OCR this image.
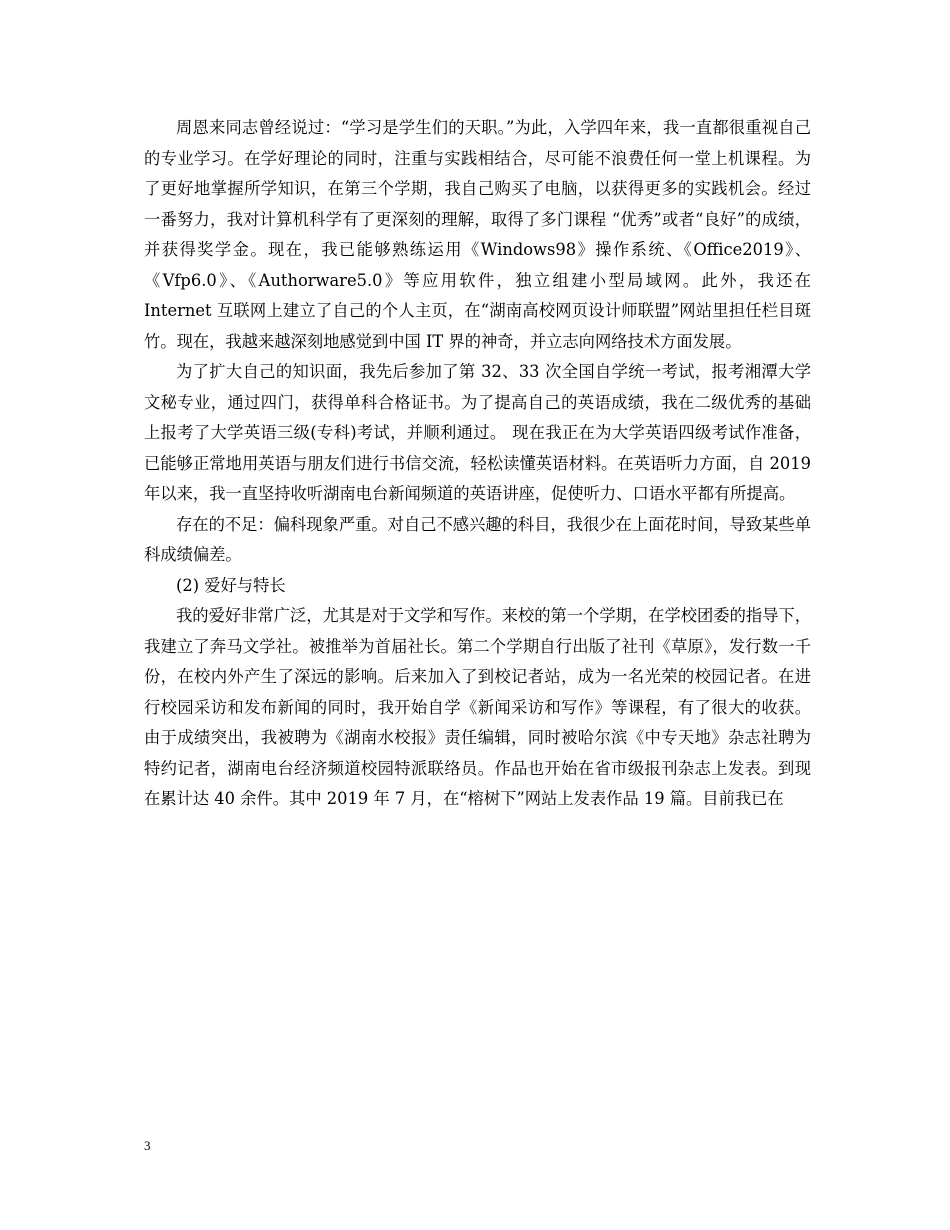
周恩来同志曾经说过：“学习是学生们的天职。”为此，入学四年来，我一直都很重视自己的专业学习。在学好理论的同时，注重与实践相结合，尽可能不浪费任何一堂上机课程。为了更好地掌握所学知识，在第三个学期，我自己购买了电脑，以获得更多的实践机会。经过一番努力，我对计算机科学有了更深刻的理解，取得了多门课程 “优秀”或者“良好”的成绩，并获得奖学金。现在，我已能够熟练运用《Windows98》操作系统、《Office2019》、《Vfp6.0》、《Authorware5.0》等应用软件，独立组建小型局域网。此外，我还在 Internet 互联网上建立了自己的个人主页，在“湖南高校网页设计师联盟”网站里担任栏目斑竹。现在，我越来越深刻地感觉到中国 IT 界的神奇，并立志向网络技术方面发展。

为了扩大自己的知识面，我先后参加了第 32、33 次全国自学统一考试，报考湘潭大学文秘专业，通过四门，获得单科合格证书。为了提高自己的英语成绩，我在二级优秀的基础上报考了大学英语三级(专科)考试，并顺利通过。 现在我正在为大学英语四级考试作准备，已能够正常地用英语与朋友们进行书信交流，轻松读懂英语材料。在英语听力方面，自 2019 年以来，我一直坚持收听湖南电台新闻频道的英语讲座，促使听力、口语水平都有所提高。

存在的不足：偏科现象严重。对自己不感兴趣的科目，我很少在上面花时间，导致某些单科成绩偏差。

(2) 爱好与特长

我的爱好非常广泛，尤其是对于文学和写作。来校的第一个学期，在学校团委的指导下，我建立了奔马文学社。被推举为首届社长。第二个学期自行出版了社刊《草原》，发行数一千份，在校内外产生了深远的影响。后来加入了到校记者站，成为一名光荣的校园记者。在进行校园采访和发布新闻的同时，我开始自学《新闻采访和写作》等课程，有了很大的收获。由于成绩突出，我被聘为《湖南水校报》责任编辑，同时被哈尔滨《中专天地》杂志社聘为特约记者，湖南电台经济频道校园特派联络员。作品也开始在省市级报刊杂志上发表。到现在累计达 40 余件。其中 2019 年 7 月，在“榕树下”网站上发表作品 19 篇。目前我已在

3
